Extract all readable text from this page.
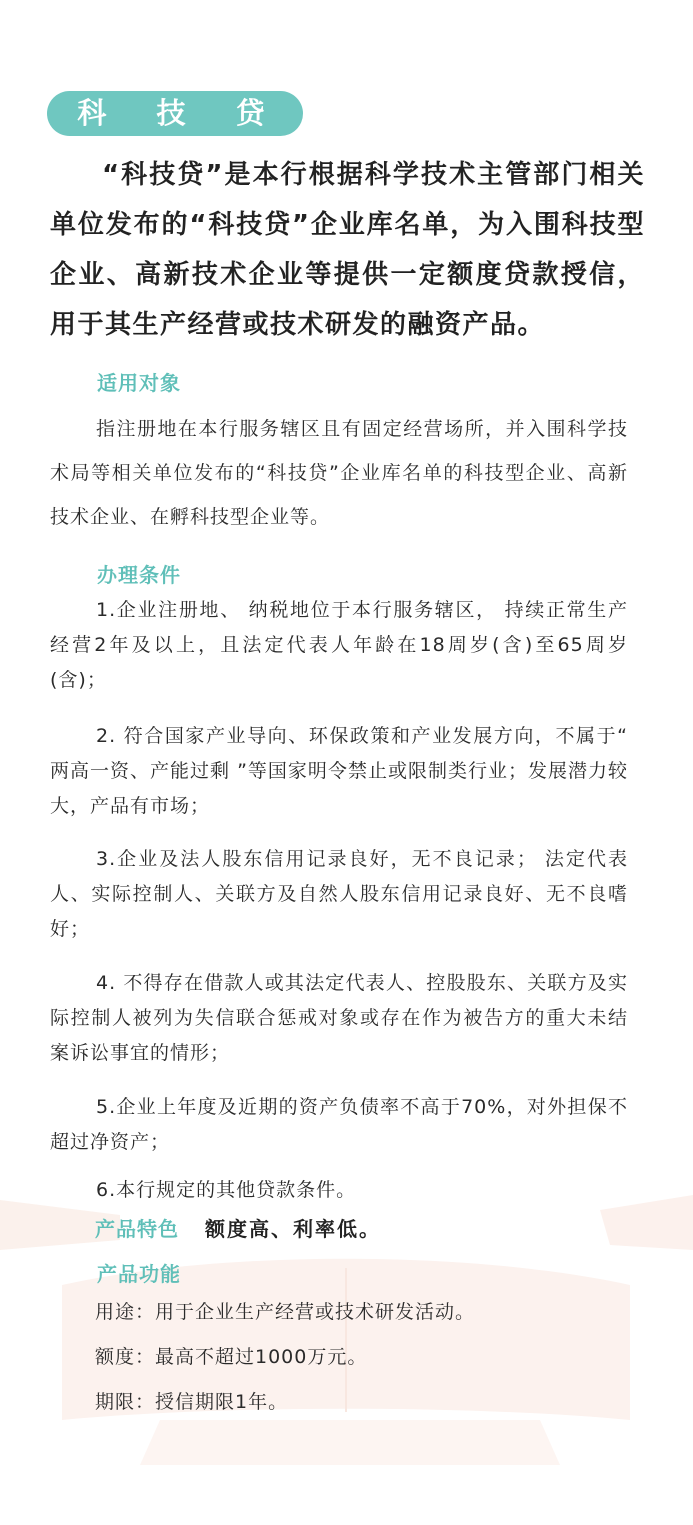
科 技 贷

“科技贷”是本行根据科学技术主管部门相关单位发布的“科技贷”企业库名单，为入围科技型企业、高新技术企业等提供一定额度贷款授信，用于其生产经营或技术研发的融资产品。

适用对象

指注册地在本行服务辖区且有固定经营场所，并入围科学技术局等相关单位发布的“科技贷”企业库名单的科技型企业、高新技术企业、在孵科技型企业等。

办理条件

1.企业注册地、 纳税地位于本行服务辖区， 持续正常生产经营2年及以上，且法定代表人年龄在18周岁(含)至65周岁(含)；

2. 符合国家产业导向、环保政策和产业发展方向，不属于“ 两高一资、产能过剩 ”等国家明令禁止或限制类行业；发展潜力较大，产品有市场；

3.企业及法人股东信用记录良好，无不良记录； 法定代表人、实际控制人、关联方及自然人股东信用记录良好、无不良嗜好；

4. 不得存在借款人或其法定代表人、控股股东、关联方及实际控制人被列为失信联合惩戒对象或存在作为被告方的重大未结案诉讼事宜的情形；

5.企业上年度及近期的资产负债率不高于70%，对外担保不超过净资产；

6.本行规定的其他贷款条件。

产品特色 额度高、利率低。

产品功能

用途：用于企业生产经营或技术研发活动。

额度：最高不超过1000万元。

期限：授信期限1年。
